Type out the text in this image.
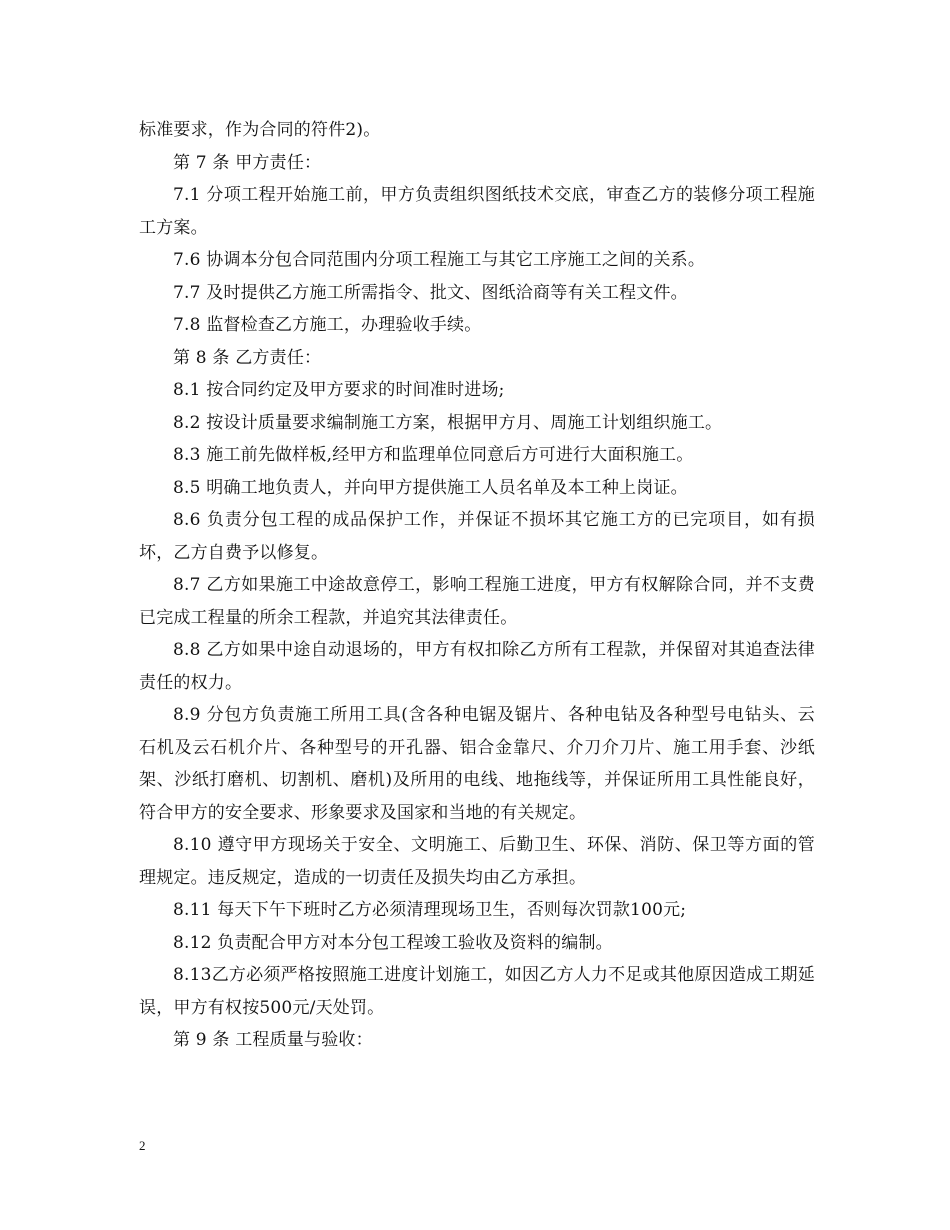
标准要求，作为合同的符件2)。

第 7 条 甲方责任：

7.1 分项工程开始施工前，甲方负责组织图纸技术交底，审查乙方的装修分项工程施工方案。

7.6 协调本分包合同范围内分项工程施工与其它工序施工之间的关系。

7.7 及时提供乙方施工所需指令、批文、图纸洽商等有关工程文件。

7.8 监督检查乙方施工，办理验收手续。

第 8 条 乙方责任：

8.1 按合同约定及甲方要求的时间准时进场;

8.2 按设计质量要求编制施工方案，根据甲方月、周施工计划组织施工。

8.3 施工前先做样板,经甲方和监理单位同意后方可进行大面积施工。

8.5 明确工地负责人，并向甲方提供施工人员名单及本工种上岗证。

8.6 负责分包工程的成品保护工作，并保证不损坏其它施工方的已完项目，如有损坏，乙方自费予以修复。

8.7 乙方如果施工中途故意停工，影响工程施工进度，甲方有权解除合同，并不支费已完成工程量的所余工程款，并追究其法律责任。

8.8 乙方如果中途自动退场的，甲方有权扣除乙方所有工程款，并保留对其追查法律责任的权力。

8.9 分包方负责施工所用工具(含各种电锯及锯片、各种电钻及各种型号电钻头、云石机及云石机介片、各种型号的开孔器、铝合金靠尺、介刀介刀片、施工用手套、沙纸架、沙纸打磨机、切割机、磨机)及所用的电线、地拖线等，并保证所用工具性能良好，符合甲方的安全要求、形象要求及国家和当地的有关规定。

8.10 遵守甲方现场关于安全、文明施工、后勤卫生、环保、消防、保卫等方面的管理规定。违反规定，造成的一切责任及损失均由乙方承担。

8.11 每天下午下班时乙方必须清理现场卫生，否则每次罚款100元;

8.12 负责配合甲方对本分包工程竣工验收及资料的编制。

8.13乙方必须严格按照施工进度计划施工，如因乙方人力不足或其他原因造成工期延误，甲方有权按500元/天处罚。

第 9 条 工程质量与验收：

2
